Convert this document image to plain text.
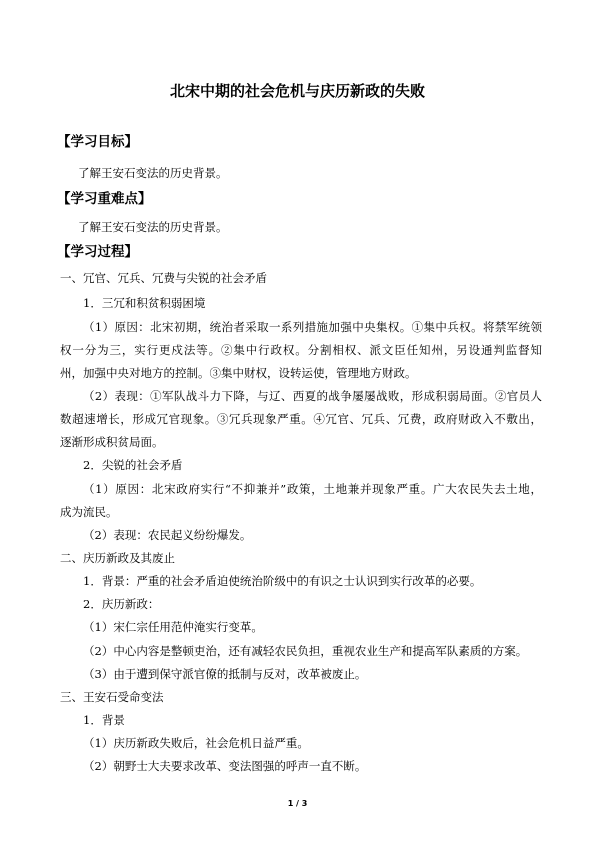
北宋中期的社会危机与庆历新政的失败
【学习目标】
了解王安石变法的历史背景。
【学习重难点】
了解王安石变法的历史背景。
【学习过程】
一、冗官、冗兵、冗费与尖锐的社会矛盾
1．三冗和积贫积弱困境
（1）原因：北宋初期，统治者采取一系列措施加强中央集权。①集中兵权。将禁军统领
权一分为三，实行更戍法等。②集中行政权。分割相权、派文臣任知州，另设通判监督知
州，加强中央对地方的控制。③集中财权，设转运使，管理地方财政。
（2）表现：①军队战斗力下降，与辽、西夏的战争屡屡战败，形成积弱局面。②官员人
数超速增长，形成冗官现象。③冗兵现象严重。④冗官、冗兵、冗费，政府财政入不敷出，
逐渐形成积贫局面。
2．尖锐的社会矛盾
（1）原因：北宋政府实行“不抑兼并”政策，土地兼并现象严重。广大农民失去土地，
成为流民。
（2）表现：农民起义纷纷爆发。
二、庆历新政及其废止
1．背景：严重的社会矛盾迫使统治阶级中的有识之士认识到实行改革的必要。
2．庆历新政：
（1）宋仁宗任用范仲淹实行变革。
（2）中心内容是整顿吏治，还有减轻农民负担，重视农业生产和提高军队素质的方案。
（3）由于遭到保守派官僚的抵制与反对，改革被废止。
三、王安石受命变法
1．背景
（1）庆历新政失败后，社会危机日益严重。
（2）朝野士大夫要求改革、变法图强的呼声一直不断。
1 / 3
